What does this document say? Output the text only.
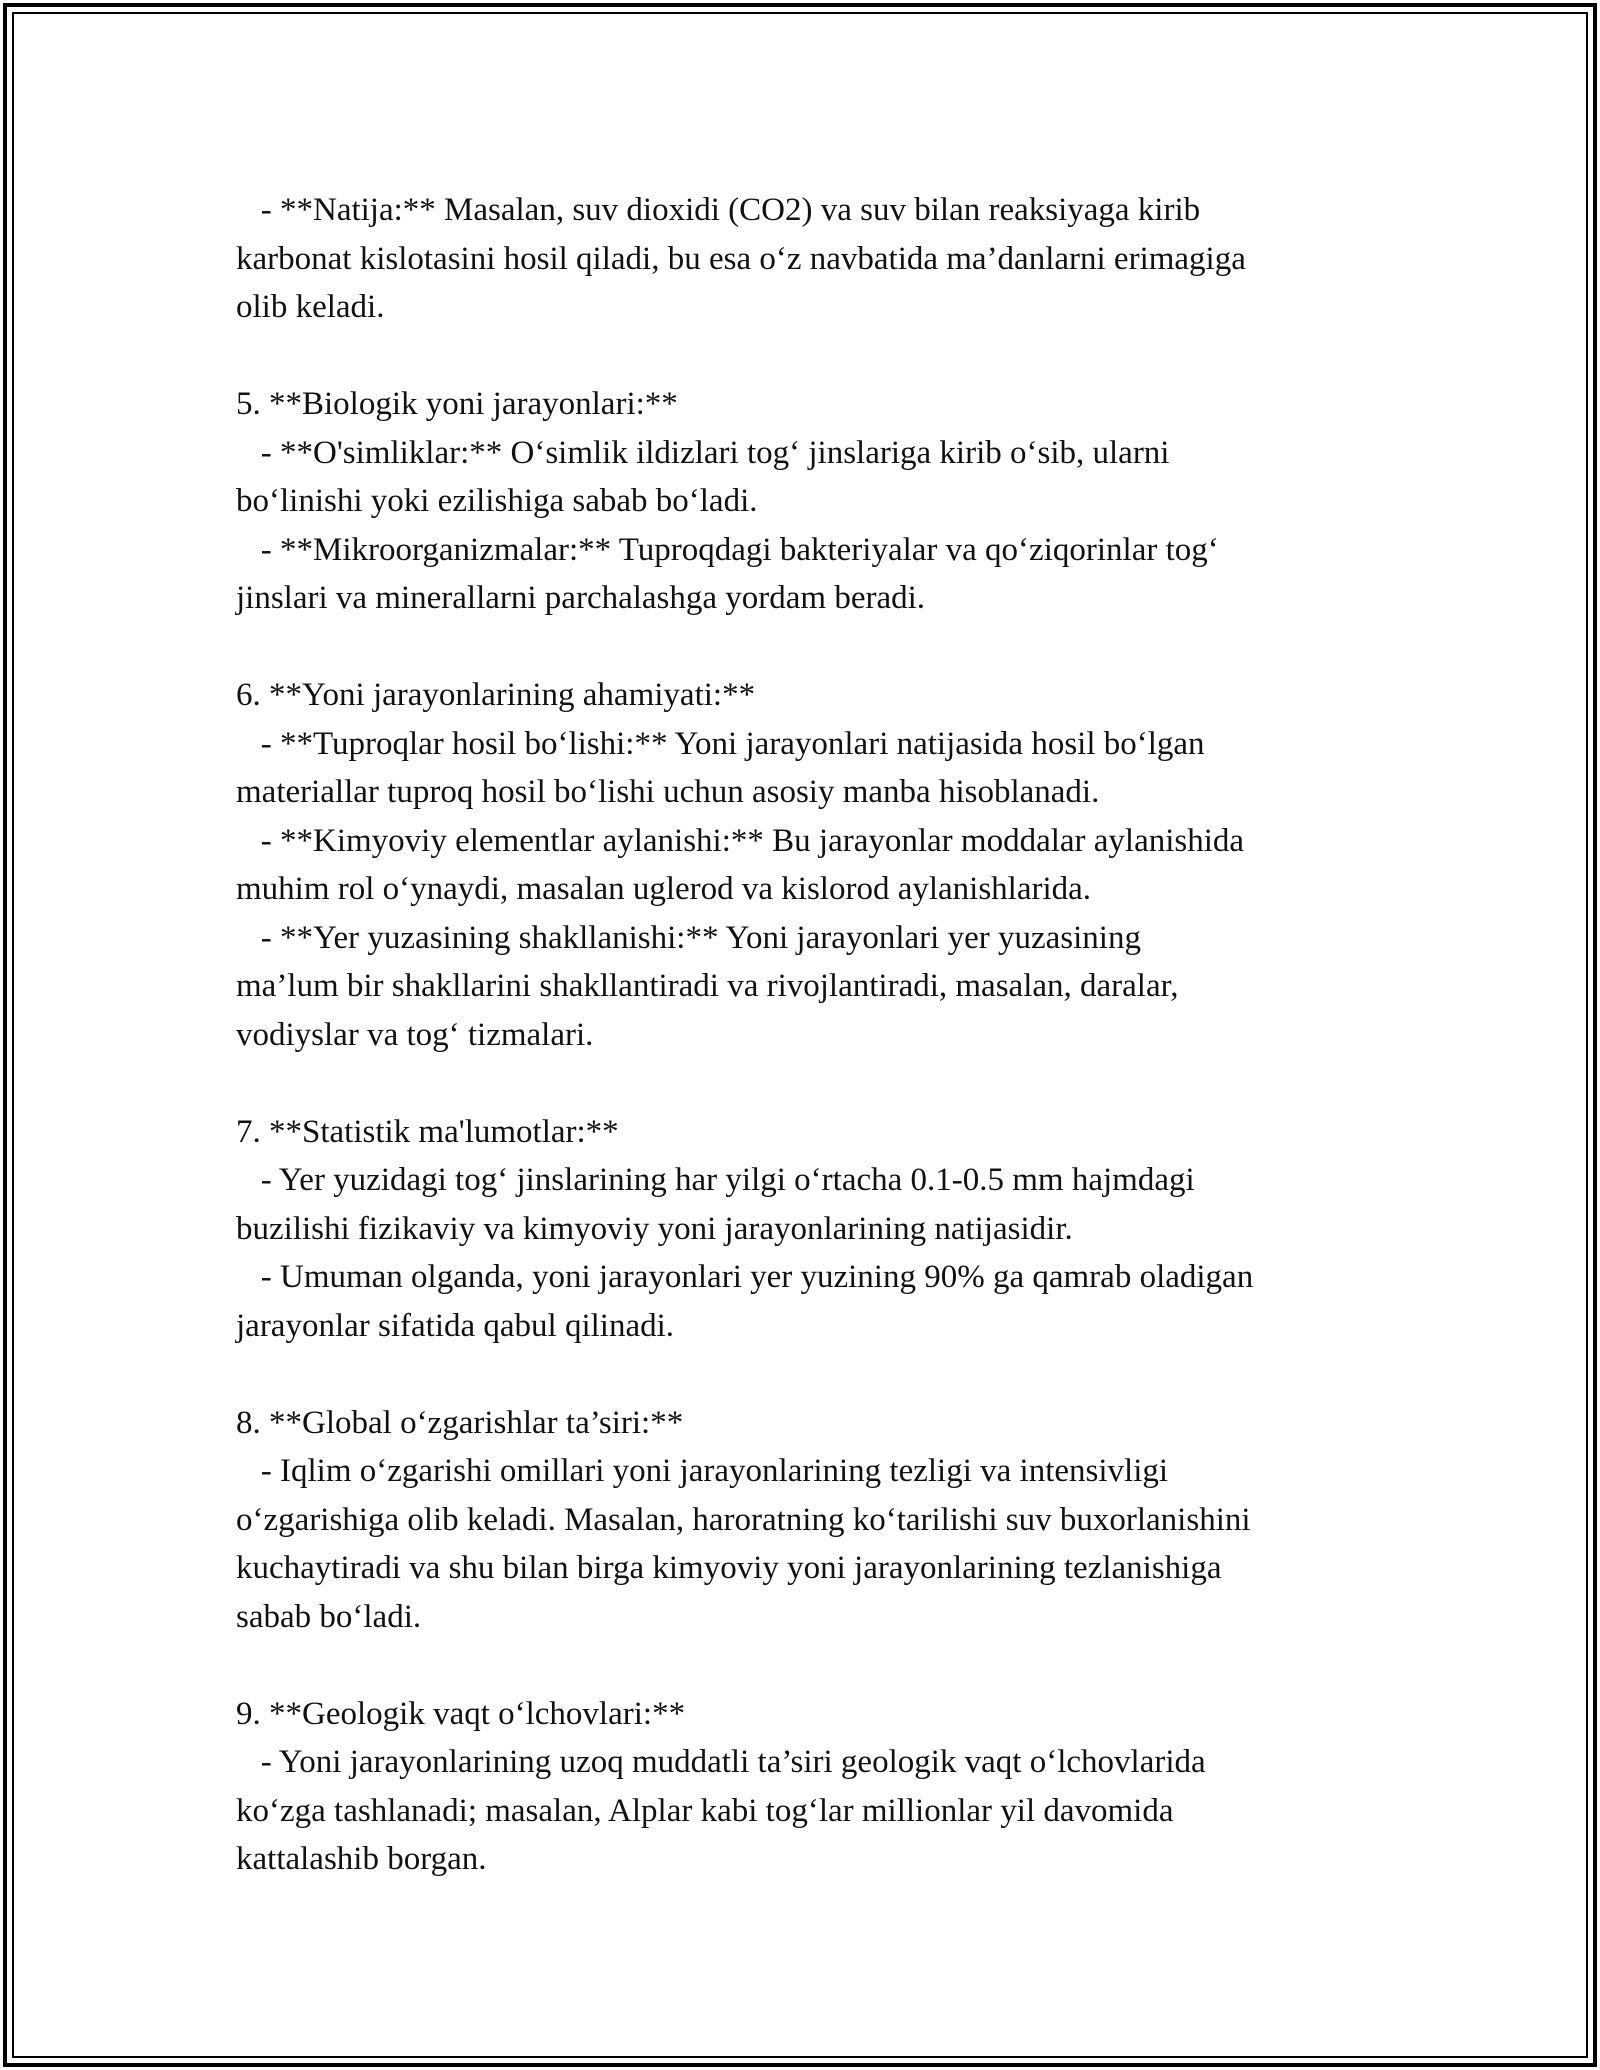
- **Natija:** Masalan, suv dioxidi (CO2) va suv bilan reaksiyaga kirib
karbonat kislotasini hosil qiladi, bu esa o‘z navbatida ma’danlarni erimagiga
olib keladi.
5. **Biologik yoni jarayonlari:**
- **O'simliklar:** O‘simlik ildizlari tog‘ jinslariga kirib o‘sib, ularni
bo‘linishi yoki ezilishiga sabab bo‘ladi.
- **Mikroorganizmalar:** Tuproqdagi bakteriyalar va qo‘ziqorinlar tog‘
jinslari va minerallarni parchalashga yordam beradi.
6. **Yoni jarayonlarining ahamiyati:**
- **Tuproqlar hosil bo‘lishi:** Yoni jarayonlari natijasida hosil bo‘lgan
materiallar tuproq hosil bo‘lishi uchun asosiy manba hisoblanadi.
- **Kimyoviy elementlar aylanishi:** Bu jarayonlar moddalar aylanishida
muhim rol o‘ynaydi, masalan uglerod va kislorod aylanishlarida.
- **Yer yuzasining shakllanishi:** Yoni jarayonlari yer yuzasining
ma’lum bir shakllarini shakllantiradi va rivojlantiradi, masalan, daralar,
vodiyslar va tog‘ tizmalari.
7. **Statistik ma'lumotlar:**
- Yer yuzidagi tog‘ jinslarining har yilgi o‘rtacha 0.1-0.5 mm hajmdagi
buzilishi fizikaviy va kimyoviy yoni jarayonlarining natijasidir.
- Umuman olganda, yoni jarayonlari yer yuzining 90% ga qamrab oladigan
jarayonlar sifatida qabul qilinadi.
8. **Global o‘zgarishlar ta’siri:**
- Iqlim o‘zgarishi omillari yoni jarayonlarining tezligi va intensivligi
o‘zgarishiga olib keladi. Masalan, haroratning ko‘tarilishi suv buxorlanishini
kuchaytiradi va shu bilan birga kimyoviy yoni jarayonlarining tezlanishiga
sabab bo‘ladi.
9. **Geologik vaqt o‘lchovlari:**
- Yoni jarayonlarining uzoq muddatli ta’siri geologik vaqt o‘lchovlarida
ko‘zga tashlanadi; masalan, Alplar kabi tog‘lar millionlar yil davomida
kattalashib borgan.
